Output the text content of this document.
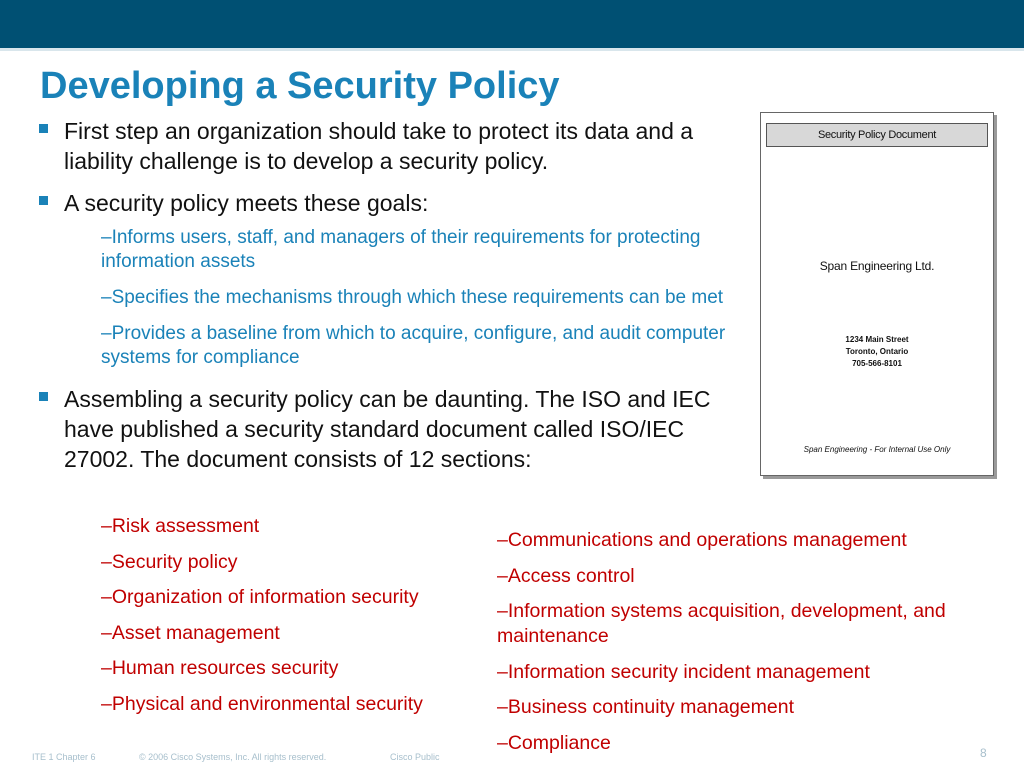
Developing a Security Policy
First step an organization should take to protect its data and a liability challenge is to develop a security policy.
A security policy meets these goals:
–Informs users, staff, and managers of their requirements for protecting information assets
–Specifies the mechanisms through which these requirements can be met
–Provides a baseline from which to acquire, configure, and audit computer systems for compliance
Assembling a security policy can be daunting. The ISO and IEC have published a security standard document called ISO/IEC 27002. The document consists of 12 sections:
–Risk assessment
–Security policy
–Organization of information security
–Asset management
–Human resources security
–Physical and environmental security
–Communications and operations management
–Access control
–Information systems acquisition, development, and maintenance
–Information security incident management
–Business continuity management
–Compliance
Security Policy Document
Span Engineering Ltd.
1234 Main Street
Toronto, Ontario
705-566-8101
Span Engineering - For Internal Use Only
ITE 1 Chapter 6	© 2006 Cisco Systems, Inc. All rights reserved.	Cisco Public	8
